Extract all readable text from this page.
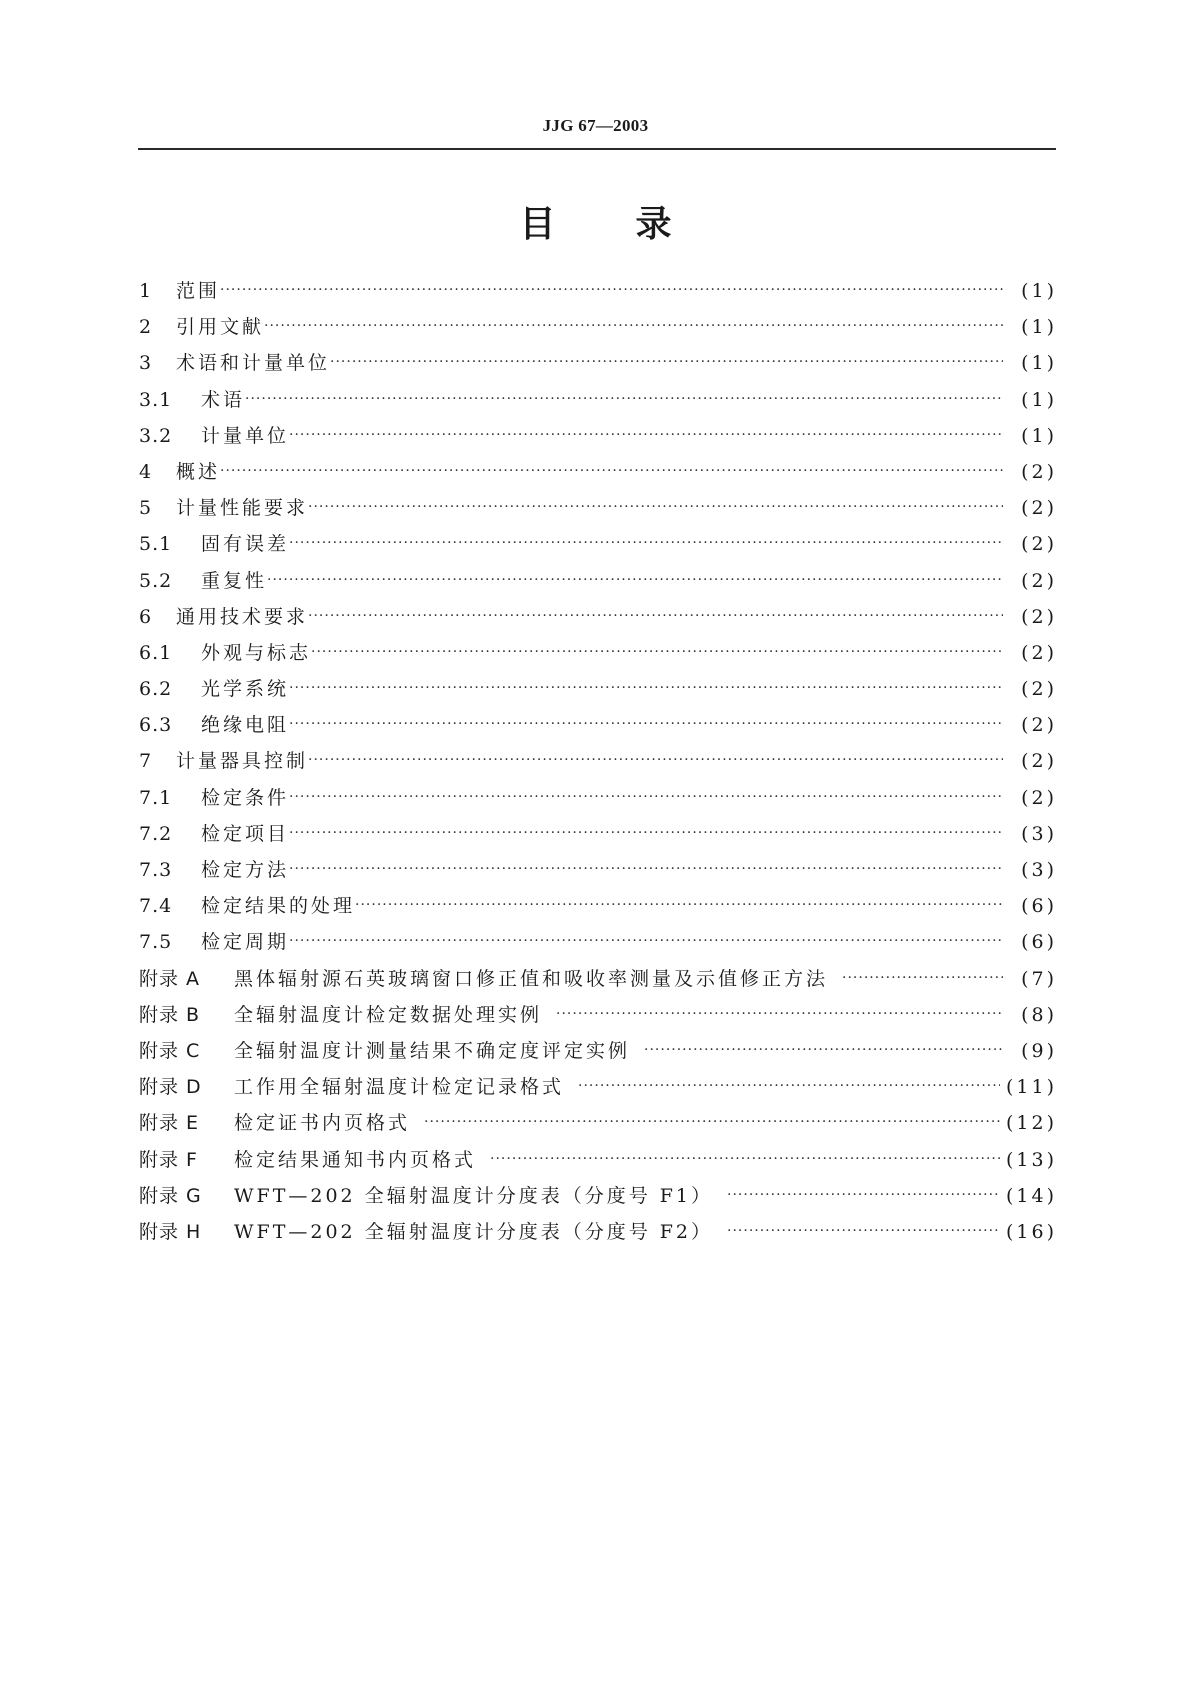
JJG 67—2003
目 录
1	范围 ·····	(1)
2	引用文献 ·····	(1)
3	术语和计量单位 ·····	(1)
3.1	术语 ·····	(1)
3.2	计量单位 ·····	(1)
4	概述 ·····	(2)
5	计量性能要求 ·····	(2)
5.1	固有误差 ·····	(2)
5.2	重复性 ·····	(2)
6	通用技术要求 ·····	(2)
6.1	外观与标志 ·····	(2)
6.2	光学系统 ·····	(2)
6.3	绝缘电阻 ·····	(2)
7	计量器具控制 ·····	(2)
7.1	检定条件 ·····	(2)
7.2	检定项目 ·····	(3)
7.3	检定方法 ·····	(3)
7.4	检定结果的处理 ·····	(6)
7.5	检定周期 ·····	(6)
附录 A	黑体辐射源石英玻璃窗口修正值和吸收率测量及示值修正方法 ·····	(7)
附录 B	全辐射温度计检定数据处理实例 ·····	(8)
附录 C	全辐射温度计测量结果不确定度评定实例 ·····	(9)
附录 D	工作用全辐射温度计检定记录格式 ·····	(11)
附录 E	检定证书内页格式 ·····	(12)
附录 F	检定结果通知书内页格式 ·····	(13)
附录 G	WFT—202 全辐射温度计分度表（分度号 F1） ·····	(14)
附录 H	WFT—202 全辐射温度计分度表（分度号 F2） ·····	(16)
